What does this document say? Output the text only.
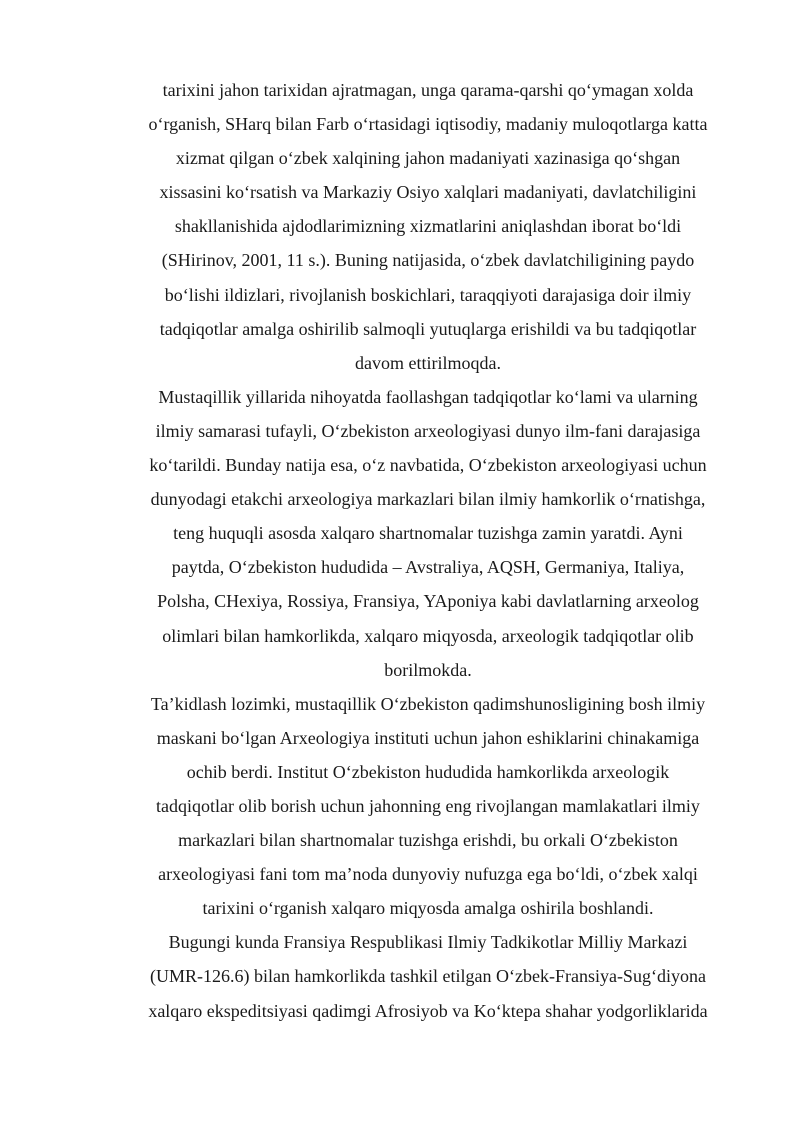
tarixini jahon tarixidan ajratmagan, unga qarama-qarshi qo‘ymagan xolda
o‘rganish, SHarq bilan Farb o‘rtasidagi iqtisodiy, madaniy muloqotlarga katta
xizmat qilgan o‘zbek xalqining jahon madaniyati xazinasiga qo‘shgan
xissasini ko‘rsatish va Markaziy Osiyo xalqlari madaniyati, davlatchiligini
shakllanishida ajdodlarimizning xizmatlarini aniqlashdan iborat bo‘ldi
(SHirinov, 2001, 11 s.). Buning natijasida, o‘zbek davlatchiligining paydo
bo‘lishi ildizlari, rivojlanish boskichlari, taraqqiyoti darajasiga doir ilmiy
tadqiqotlar amalga oshirilib salmoqli yutuqlarga erishildi va bu tadqiqotlar
davom ettirilmoqda.
Mustaqillik yillarida nihoyatda faollashgan tadqiqotlar ko‘lami va ularning
ilmiy samarasi tufayli, O‘zbekiston arxeologiyasi dunyo ilm-fani darajasiga
ko‘tarildi. Bunday natija esa, o‘z navbatida, O‘zbekiston arxeologiyasi uchun
dunyodagi etakchi arxeologiya markazlari bilan ilmiy hamkorlik o‘rnatishga,
teng huquqli asosda xalqaro shartnomalar tuzishga zamin yaratdi. Ayni
paytda, O‘zbekiston hududida – Avstraliya, AQSH, Germaniya, Italiya,
Polsha, CHexiya, Rossiya, Fransiya, YAponiya kabi davlatlarning arxeolog
olimlari bilan hamkorlikda, xalqaro miqyosda, arxeologik tadqiqotlar olib
borilmokda.
Ta’kidlash lozimki, mustaqillik O‘zbekiston qadimshunosligining bosh ilmiy
maskani bo‘lgan Arxeologiya instituti uchun jahon eshiklarini chinakamiga
ochib berdi. Institut O‘zbekiston hududida hamkorlikda arxeologik
tadqiqotlar olib borish uchun jahonning eng rivojlangan mamlakatlari ilmiy
markazlari bilan shartnomalar tuzishga erishdi, bu orkali O‘zbekiston
arxeologiyasi fani tom ma’noda dunyoviy nufuzga ega bo‘ldi, o‘zbek xalqi
tarixini o‘rganish xalqaro miqyosda amalga oshirila boshlandi.
Bugungi kunda Fransiya Respublikasi Ilmiy Tadkikotlar Milliy Markazi
(UMR-126.6) bilan hamkorlikda tashkil etilgan O‘zbek-Fransiya-Sug‘diyona
xalqaro ekspeditsiyasi qadimgi Afrosiyob va Ko‘ktepa shahar yodgorliklarida
